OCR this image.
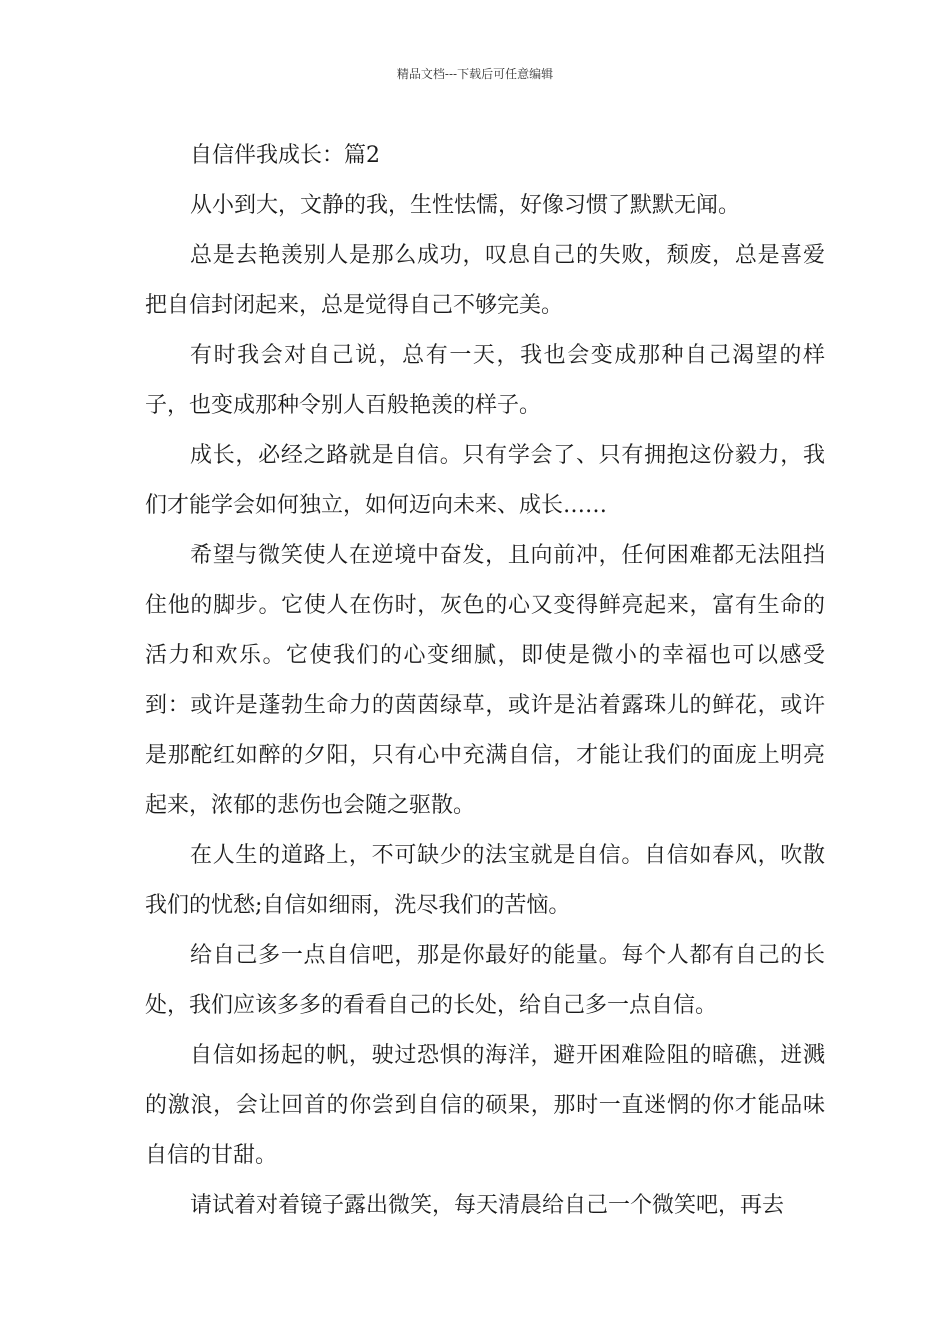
精品文档---下载后可任意编辑

自信伴我成长：篇2

从小到大，文静的我，生性怯懦，好像习惯了默默无闻。

总是去艳羡别人是那么成功，叹息自己的失败，颓废，总是喜爱把自信封闭起来，总是觉得自己不够完美。

有时我会对自己说，总有一天，我也会变成那种自己渴望的样子，也变成那种令别人百般艳羡的样子。

成长，必经之路就是自信。只有学会了、只有拥抱这份毅力，我们才能学会如何独立，如何迈向未来、成长……

希望与微笑使人在逆境中奋发，且向前冲，任何困难都无法阻挡住他的脚步。它使人在伤时，灰色的心又变得鲜亮起来，富有生命的活力和欢乐。它使我们的心变细腻，即使是微小的幸福也可以感受到：或许是蓬勃生命力的茵茵绿草，或许是沾着露珠儿的鲜花，或许是那酡红如醉的夕阳，只有心中充满自信，才能让我们的面庞上明亮起来，浓郁的悲伤也会随之驱散。

在人生的道路上，不可缺少的法宝就是自信。自信如春风，吹散我们的忧愁;自信如细雨，洗尽我们的苦恼。

给自己多一点自信吧，那是你最好的能量。每个人都有自己的长处，我们应该多多的看看自己的长处，给自己多一点自信。

自信如扬起的帆，驶过恐惧的海洋，避开困难险阻的暗礁，迸溅的激浪，会让回首的你尝到自信的硕果，那时一直迷惘的你才能品味自信的甘甜。

请试着对着镜子露出微笑，每天清晨给自己一个微笑吧，再去
